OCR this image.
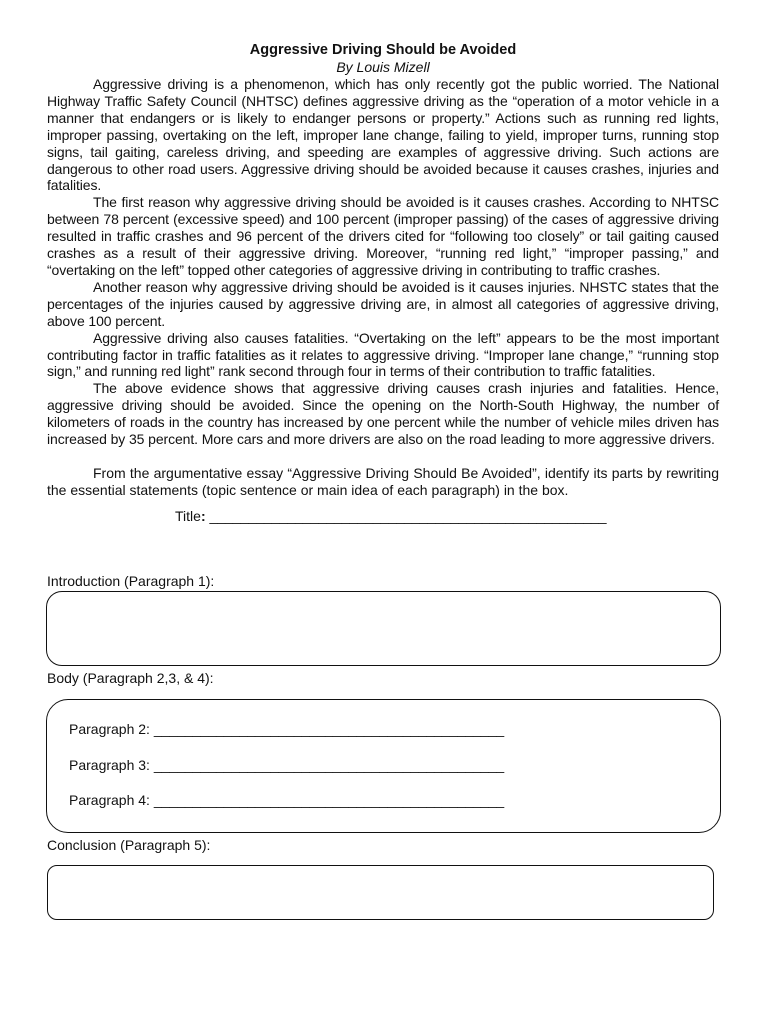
Aggressive Driving Should be Avoided

By Louis Mizell

Aggressive driving is a phenomenon, which has only recently got the public worried. The National Highway Traffic Safety Council (NHTSC) defines aggressive driving as the “operation of a motor vehicle in a manner that endangers or is likely to endanger persons or property.” Actions such as running red lights, improper passing, overtaking on the left, improper lane change, failing to yield, improper turns, running stop signs, tail gaiting, careless driving, and speeding are examples of aggressive driving. Such actions are dangerous to other road users. Aggressive driving should be avoided because it causes crashes, injuries and fatalities.

The first reason why aggressive driving should be avoided is it causes crashes. According to NHTSC between 78 percent (excessive speed) and 100 percent (improper passing) of the cases of aggressive driving resulted in traffic crashes and 96 percent of the drivers cited for “following too closely” or tail gaiting caused crashes as a result of their aggressive driving. Moreover, “running red light,” “improper passing,” and “overtaking on the left” topped other categories of aggressive driving in contributing to traffic crashes.

Another reason why aggressive driving should be avoided is it causes injuries. NHSTC states that the percentages of the injuries caused by aggressive driving are, in almost all categories of aggressive driving, above 100 percent.

Aggressive driving also causes fatalities. “Overtaking on the left” appears to be the most important contributing factor in traffic fatalities as it relates to aggressive driving. “Improper lane change,” “running stop sign,” and running red light” rank second through four in terms of their contribution to traffic fatalities.

The above evidence shows that aggressive driving causes crash injuries and fatalities. Hence, aggressive driving should be avoided. Since the opening on the North-South Highway, the number of kilometers of roads in the country has increased by one percent while the number of vehicle miles driven has increased by 35 percent. More cars and more drivers are also on the road leading to more aggressive drivers.

From the argumentative essay “Aggressive Driving Should Be Avoided”, identify its parts by rewriting the essential statements (topic sentence or main idea of each paragraph) in the box.

Title: ___________________________________________________
Introduction (Paragraph 1):
Body (Paragraph 2,3, & 4):
Paragraph 2: _____________________________________________
Paragraph 3: _____________________________________________
Paragraph 4: _____________________________________________
Conclusion (Paragraph 5):
